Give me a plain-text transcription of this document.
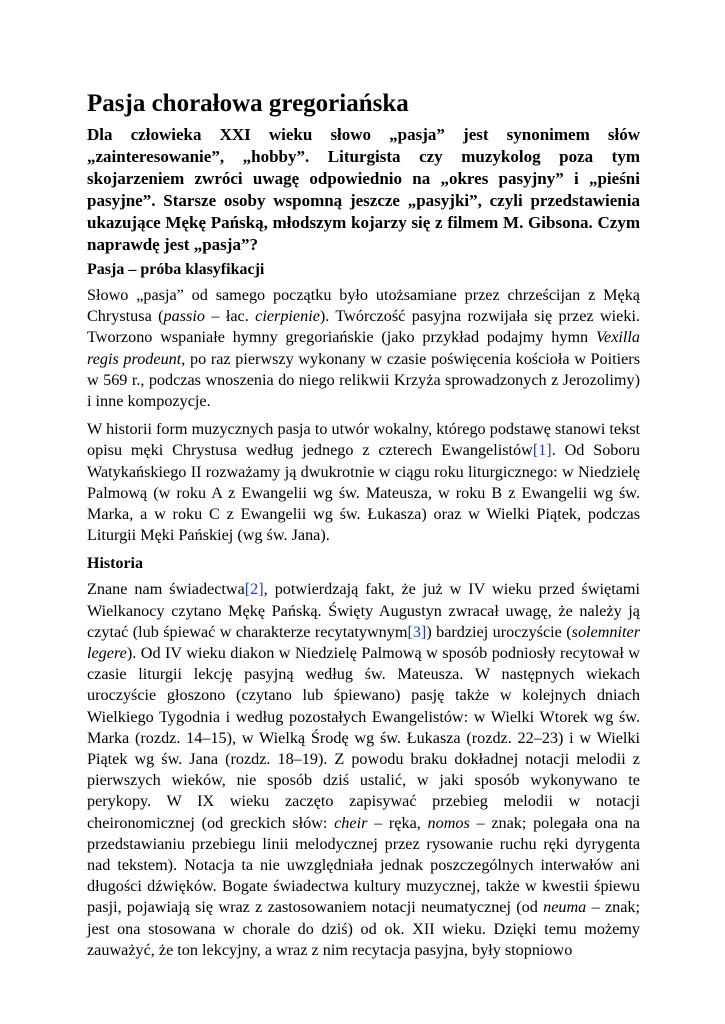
Pasja chorałowa gregoriańska

Dla człowieka XXI wieku słowo „pasja” jest synonimem słów „zainteresowanie”, „hobby”. Liturgista czy muzykolog poza tym skojarzeniem zwróci uwagę odpowiednio na „okres pasyjny” i „pieśni pasyjne”. Starsze osoby wspomną jeszcze „pasyjki”, czyli przedstawienia ukazujące Mękę Pańską, młodszym kojarzy się z filmem M. Gibsona. Czym naprawdę jest „pasja”?

Pasja – próba klasyfikacji

Słowo „pasja” od samego początku było utożsamiane przez chrześcijan z Męką Chrystusa (passio – łac. cierpienie). Twórczość pasyjna rozwijała się przez wieki. Tworzono wspaniałe hymny gregoriańskie (jako przykład podajmy hymn Vexilla regis prodeunt, po raz pierwszy wykonany w czasie poświęcenia kościoła w Poitiers w 569 r., podczas wnoszenia do niego relikwii Krzyża sprowadzonych z Jerozolimy) i inne kompozycje.

W historii form muzycznych pasja to utwór wokalny, którego podstawę stanowi tekst opisu męki Chrystusa według jednego z czterech Ewangelistów[1]. Od Soboru Watykańskiego II rozważamy ją dwukrotnie w ciągu roku liturgicznego: w Niedzielę Palmową (w roku A z Ewangelii wg św. Mateusza, w roku B z Ewangelii wg św. Marka, a w roku C z Ewangelii wg św. Łukasza) oraz w Wielki Piątek, podczas Liturgii Męki Pańskiej (wg św. Jana).

Historia

Znane nam świadectwa[2], potwierdzają fakt, że już w IV wieku przed świętami Wielkanocy czytano Mękę Pańską. Święty Augustyn zwracał uwagę, że należy ją czytać (lub śpiewać w charakterze recytatywnym[3]) bardziej uroczyście (solemniter legere). Od IV wieku diakon w Niedzielę Palmową w sposób podniosły recytował w czasie liturgii lekcję pasyjną według św. Mateusza. W następnych wiekach uroczyście głoszono (czytano lub śpiewano) pasję także w kolejnych dniach Wielkiego Tygodnia i według pozostałych Ewangelistów: w Wielki Wtorek wg św. Marka (rozdz. 14–15), w Wielką Środę wg św. Łukasza (rozdz. 22–23) i w Wielki Piątek wg św. Jana (rozdz. 18–19). Z powodu braku dokładnej notacji melodii z pierwszych wieków, nie sposób dziś ustalić, w jaki sposób wykonywano te perykopy. W IX wieku zaczęto zapisywać przebieg melodii w notacji cheironomicznej (od greckich słów: cheir – ręka, nomos – znak; polegała ona na przedstawianiu przebiegu linii melodycznej przez rysowanie ruchu ręki dyrygenta nad tekstem). Notacja ta nie uwzględniała jednak poszczególnych interwałów ani długości dźwięków. Bogate świadectwa kultury muzycznej, także w kwestii śpiewu pasji, pojawiają się wraz z zastosowaniem notacji neumatycznej (od neuma – znak; jest ona stosowana w chorale do dziś) od ok. XII wieku. Dzięki temu możemy zauważyć, że ton lekcyjny, a wraz z nim recytacja pasyjna, były stopniowo
